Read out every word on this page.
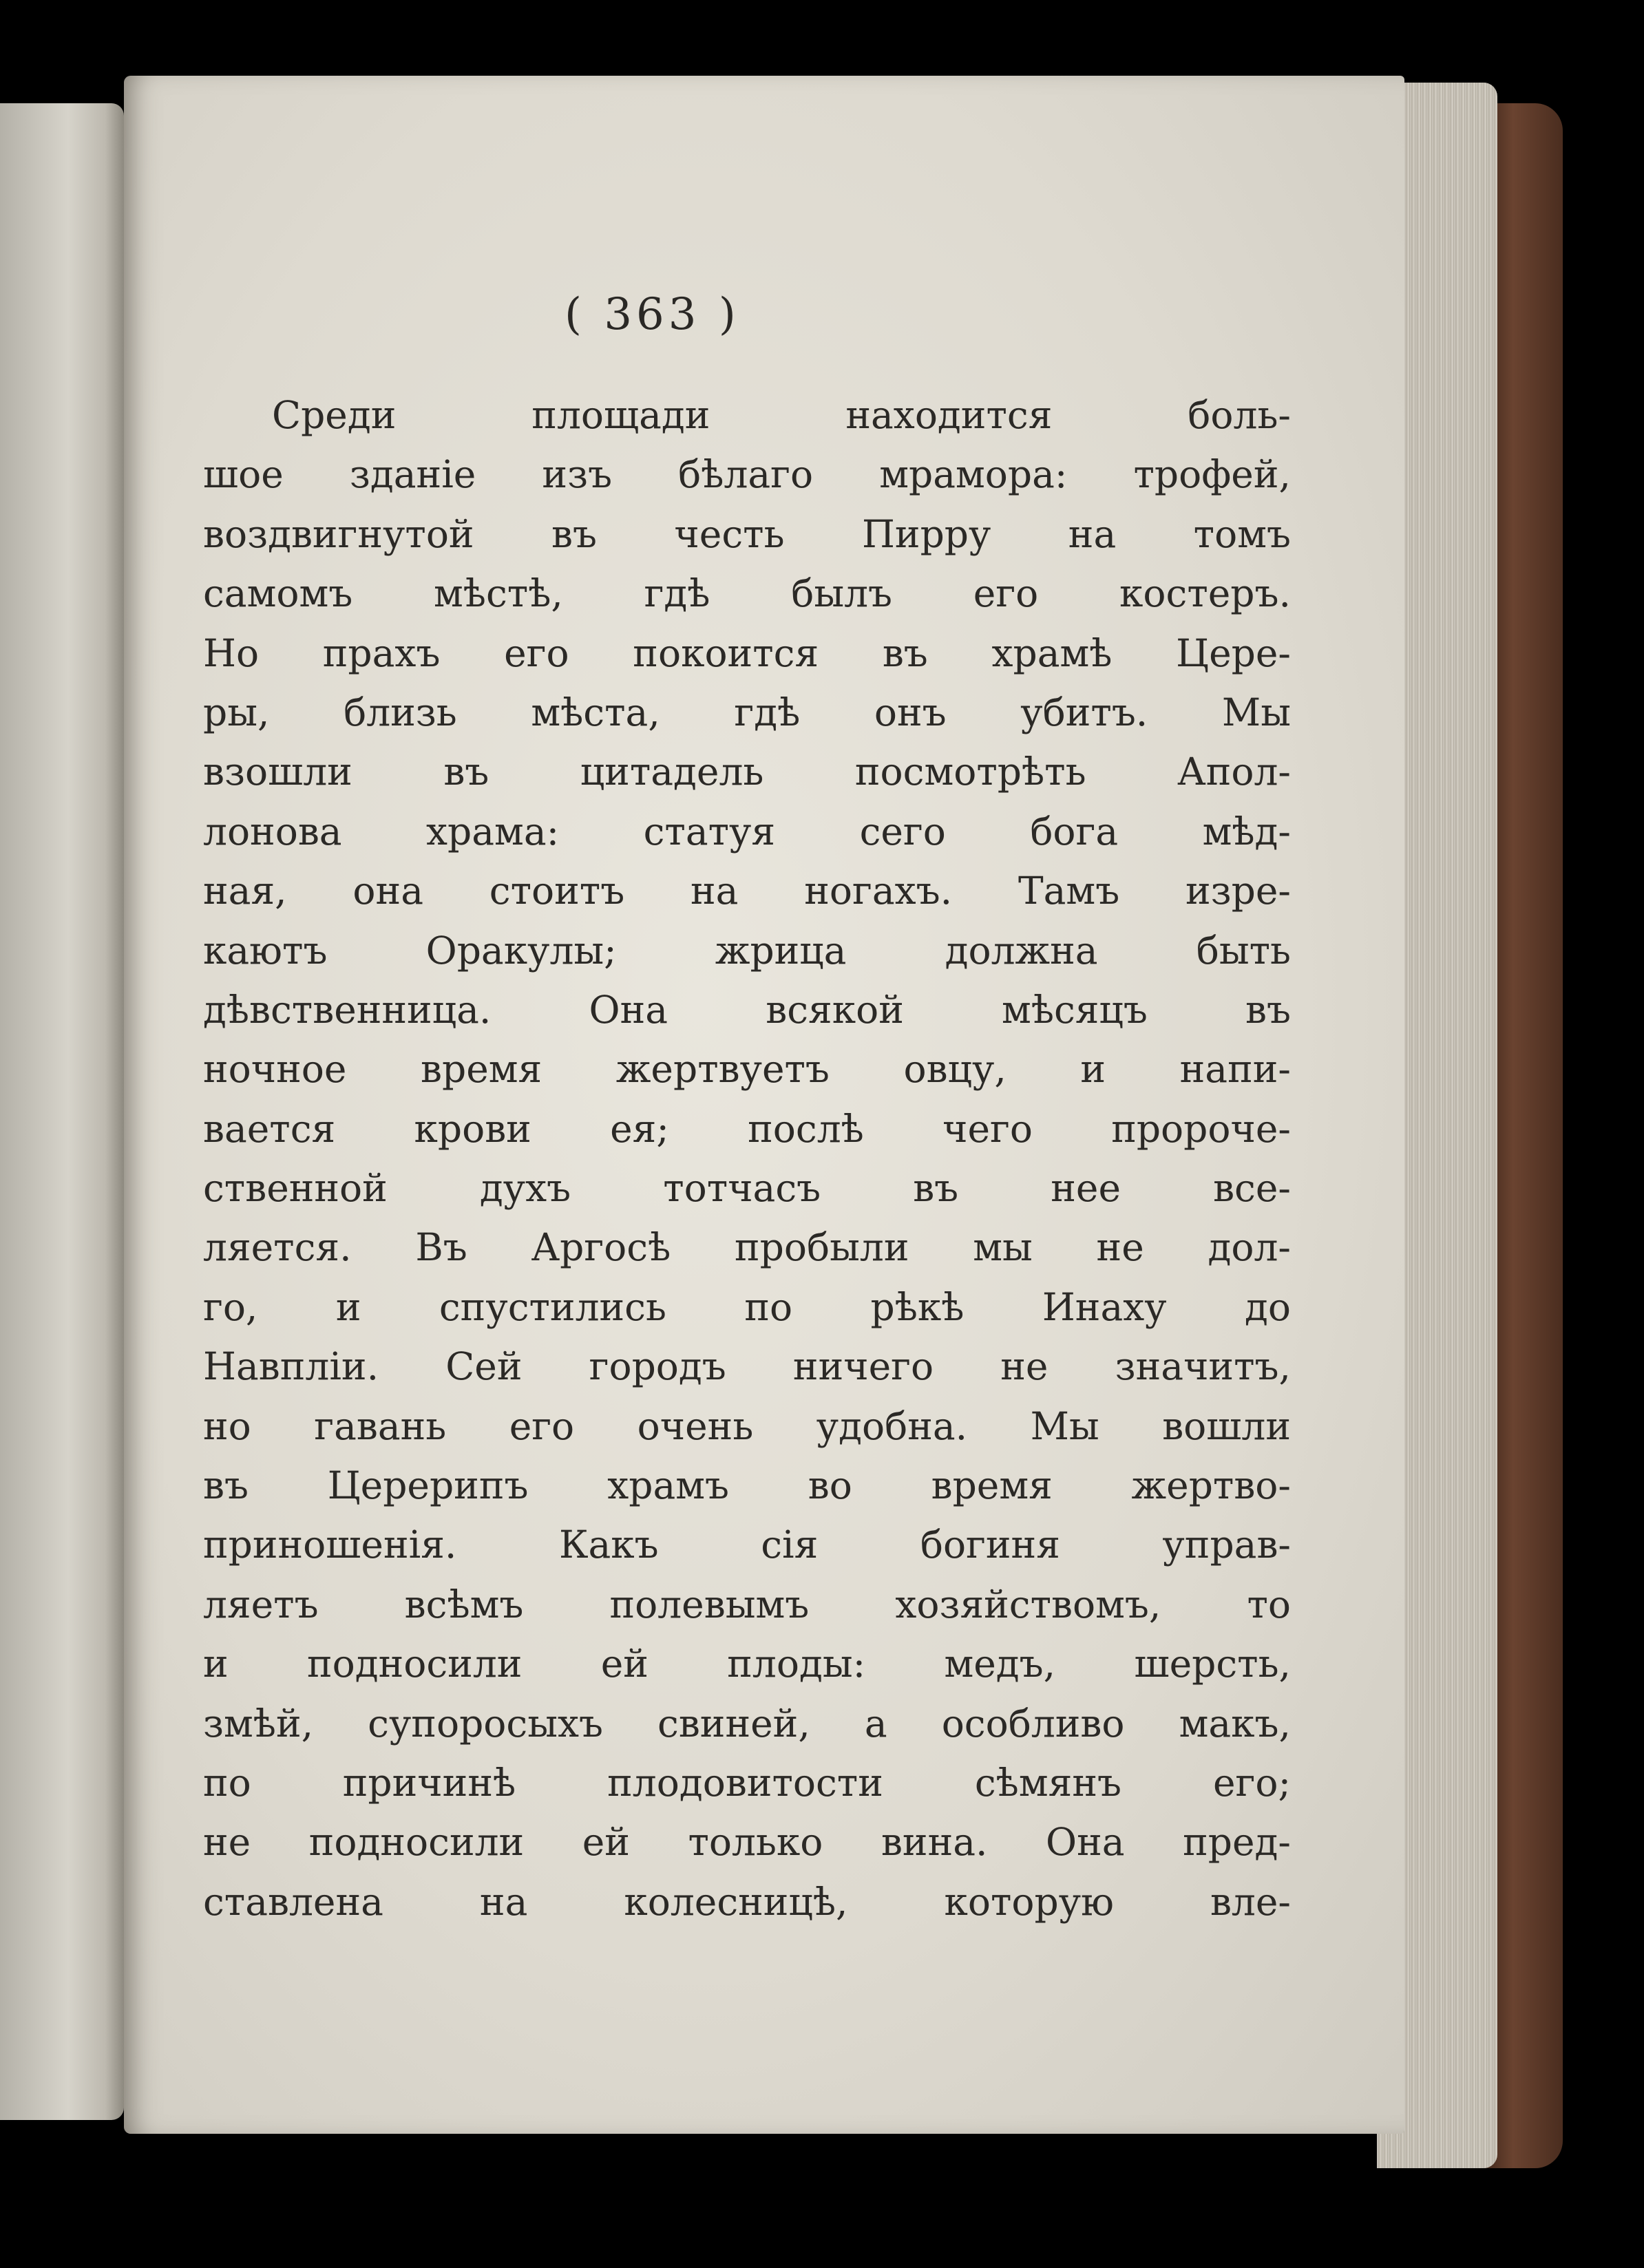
( 363 )
Среди площади находится боль-
шое зданіе изъ бѣлаго мрамора: трофей,
воздвигнутой въ честь Пирру на томъ
самомъ мѣстѣ, гдѣ былъ его костеръ.
Но прахъ его покоится въ храмѣ Цере-
ры, близь мѣста, гдѣ онъ убитъ. Мы
взошли въ цитадель посмотрѣть Апол-
лонова храма: статуя сего бога мѣд-
ная, она стоитъ на ногахъ. Тамъ изре-
каютъ Оракулы; жрица должна быть
дѣвственница. Она всякой мѣсяцъ въ
ночное время жертвуетъ овцу, и напи-
вается крови ея; послѣ чего пророче-
ственной духъ тотчасъ въ нее все-
ляется. Въ Аргосѣ пробыли мы не дол-
го, и спустились по рѣкѣ Инаху до
Навпліи. Сей городъ ничего не значитъ,
но гавань его очень удобна. Мы вошли
въ Церерипъ храмъ во время жертво-
приношенія. Какъ сія богиня управ-
ляетъ всѣмъ полевымъ хозяйствомъ, то
и подносили ей плоды: медъ, шерсть,
змѣй, супоросыхъ свиней, а особливо макъ,
по причинѣ плодовитости сѣмянъ его;
не подносили ей только вина. Она пред-
ставлена на колесницѣ, которую вле-
